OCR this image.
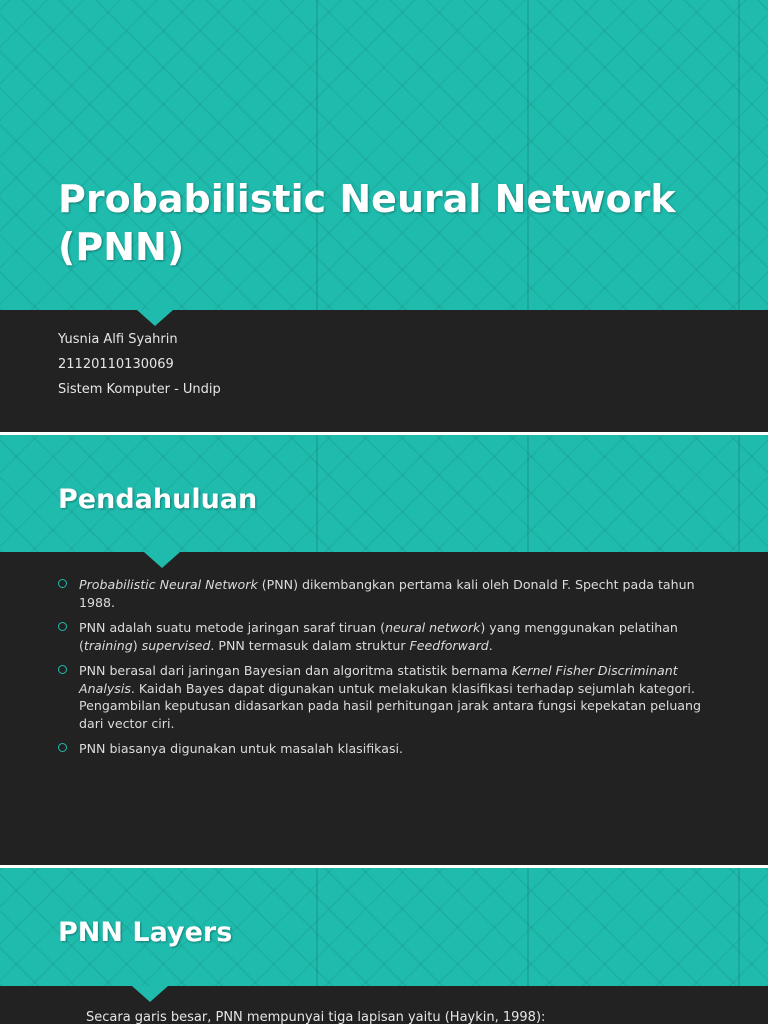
Probabilistic Neural Network (PNN)
Yusnia Alfi Syahrin
21120110130069
Sistem Komputer - Undip
Pendahuluan
Probabilistic Neural Network (PNN) dikembangkan pertama kali oleh Donald F. Specht pada tahun 1988.
PNN adalah suatu metode jaringan saraf tiruan (neural network) yang menggunakan pelatihan (training) supervised. PNN termasuk dalam struktur Feedforward.
PNN berasal dari jaringan Bayesian dan algoritma statistik bernama Kernel Fisher Discriminant Analysis. Kaidah Bayes dapat digunakan untuk melakukan klasifikasi terhadap sejumlah kategori. Pengambilan keputusan didasarkan pada hasil perhitungan jarak antara fungsi kepekatan peluang dari vector ciri.
PNN biasanya digunakan untuk masalah klasifikasi.
PNN Layers
Secara garis besar, PNN mempunyai tiga lapisan yaitu (Haykin, 1998):
